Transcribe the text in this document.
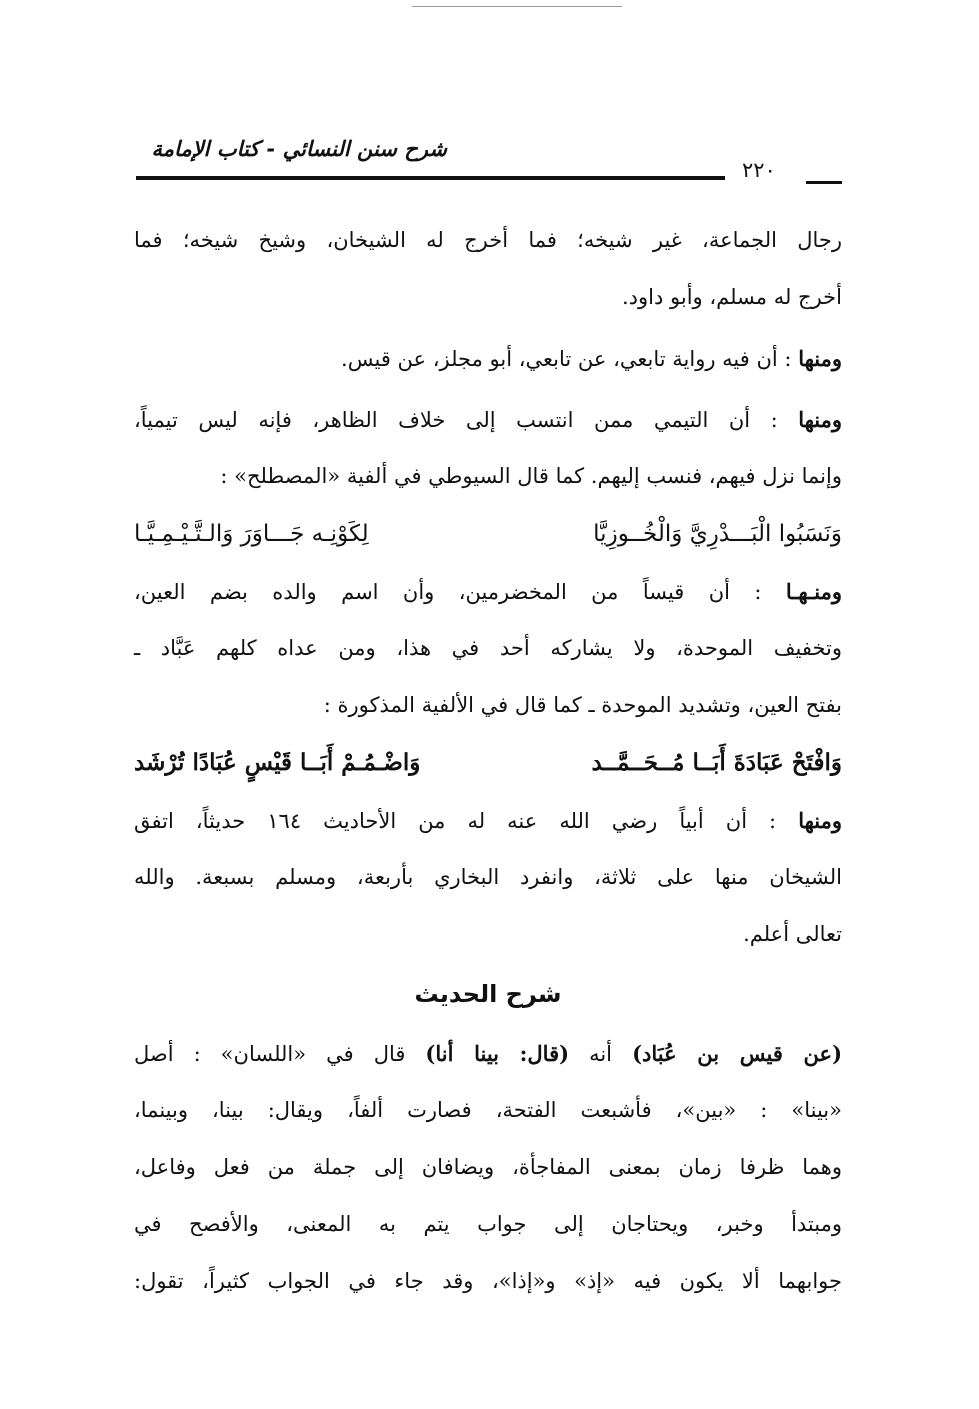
شرح سنن النسائي - كتاب الإمامة
٢٢٠
رجال الجماعة، غير شيخه؛ فما أخرج له الشيخان، وشيخ شيخه؛ فما
أخرج له مسلم، وأبو داود.
ومنها : أن فيه رواية تابعي، عن تابعي، أبو مجلز، عن قيس.
ومنها : أن التيمي ممن انتسب إلى خلاف الظاهر، فإنه ليس تيمياً،
وإنما نزل فيهم، فنسب إليهم. كما قال السيوطي في ألفية «المصطلح» :
وَنَسَبُوا الْبَـــدْرِيَّ وَالْخُــوزِيَّا
لِكَوْنِـه جَـــاوَرَ وَالـتَّـيْـمِـيَّـا
ومنـهـا : أن قيساً من المخضرمين، وأن اسم والده بضم العين،
وتخفيف الموحدة، ولا يشاركه أحد في هذا، ومن عداه كلهم عَبَّاد ـ
بفتح العين، وتشديد الموحدة ـ كما قال في الألفية المذكورة :
وَافْتَحْ عَبَادَةَ أَبَــا مُــحَــمَّــد
وَاضْـمُـمْ أَبَــا قَيْسٍ عُبَادًا تُرْشَد
ومنها : أن أبياً رضي الله عنه له من الأحاديث ١٦٤ حديثاً، اتفق
الشيخان منها على ثلاثة، وانفرد البخاري بأربعة، ومسلم بسبعة. والله
تعالى أعلم.
شرح الحديث
(عن قيس بن عُبَاد) أنه (قال: بينا أنا) قال في «اللسان» : أصل
«بينا» : «بين»، فأشبعت الفتحة، فصارت ألفاً، ويقال: بينا، وبينما،
وهما ظرفا زمان بمعنى المفاجأة، ويضافان إلى جملة من فعل وفاعل،
ومبتدأ وخبر، ويحتاجان إلى جواب يتم به المعنى، والأفصح في
جوابهما ألا يكون فيه «إذ» و«إذا»، وقد جاء في الجواب كثيراً، تقول:
